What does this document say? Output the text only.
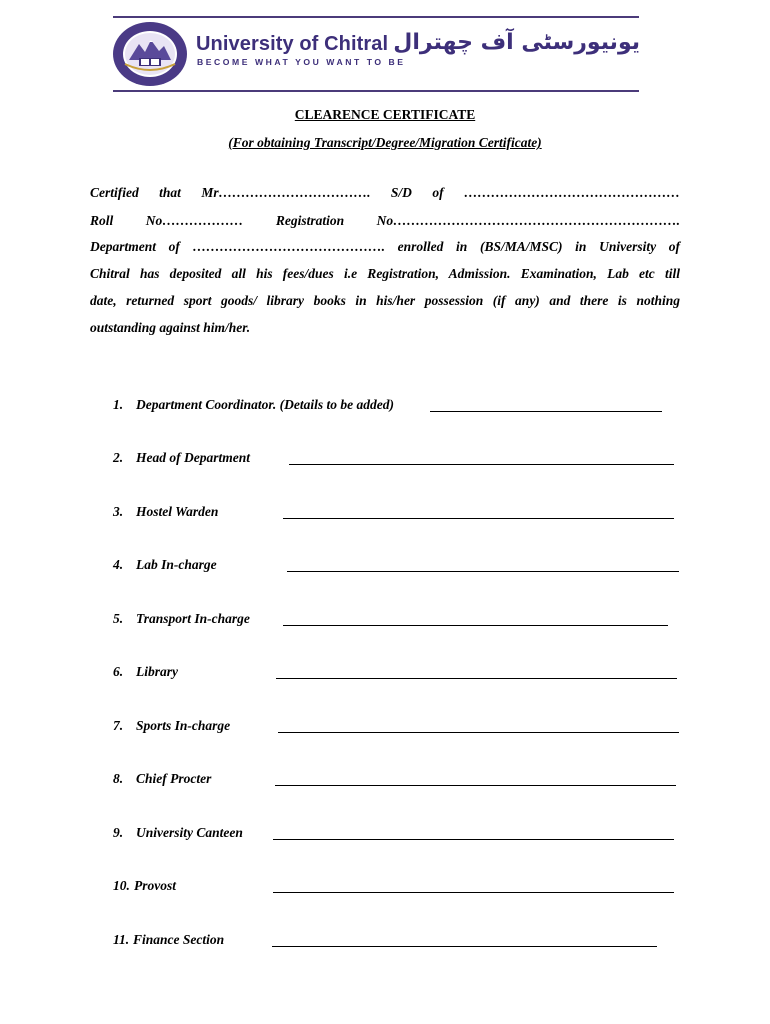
University of Chitral
BECOME WHAT YOU WANT TO BE
یونیورسٹی آف چھترال
CLEARENCE CERTIFICATE
(For obtaining Transcript/Degree/Migration Certificate)
Certified that Mr……………………………. S/D of …………………………………………
Roll No……………… Registration No……………………………………………………….
Department of ……………………………………. enrolled in (BS/MA/MSC) in University of
Chitral has deposited all his fees/dues i.e Registration, Admission. Examination, Lab etc till
date, returned sport goods/ library books in his/her possession (if any) and there is nothing
outstanding against him/her.
1. Department Coordinator. (Details to be added)
2. Head of Department
3. Hostel Warden
4. Lab In-charge
5. Transport In-charge
6. Library
7. Sports In-charge
8. Chief Procter
9. University Canteen
10. Provost
11. Finance Section
